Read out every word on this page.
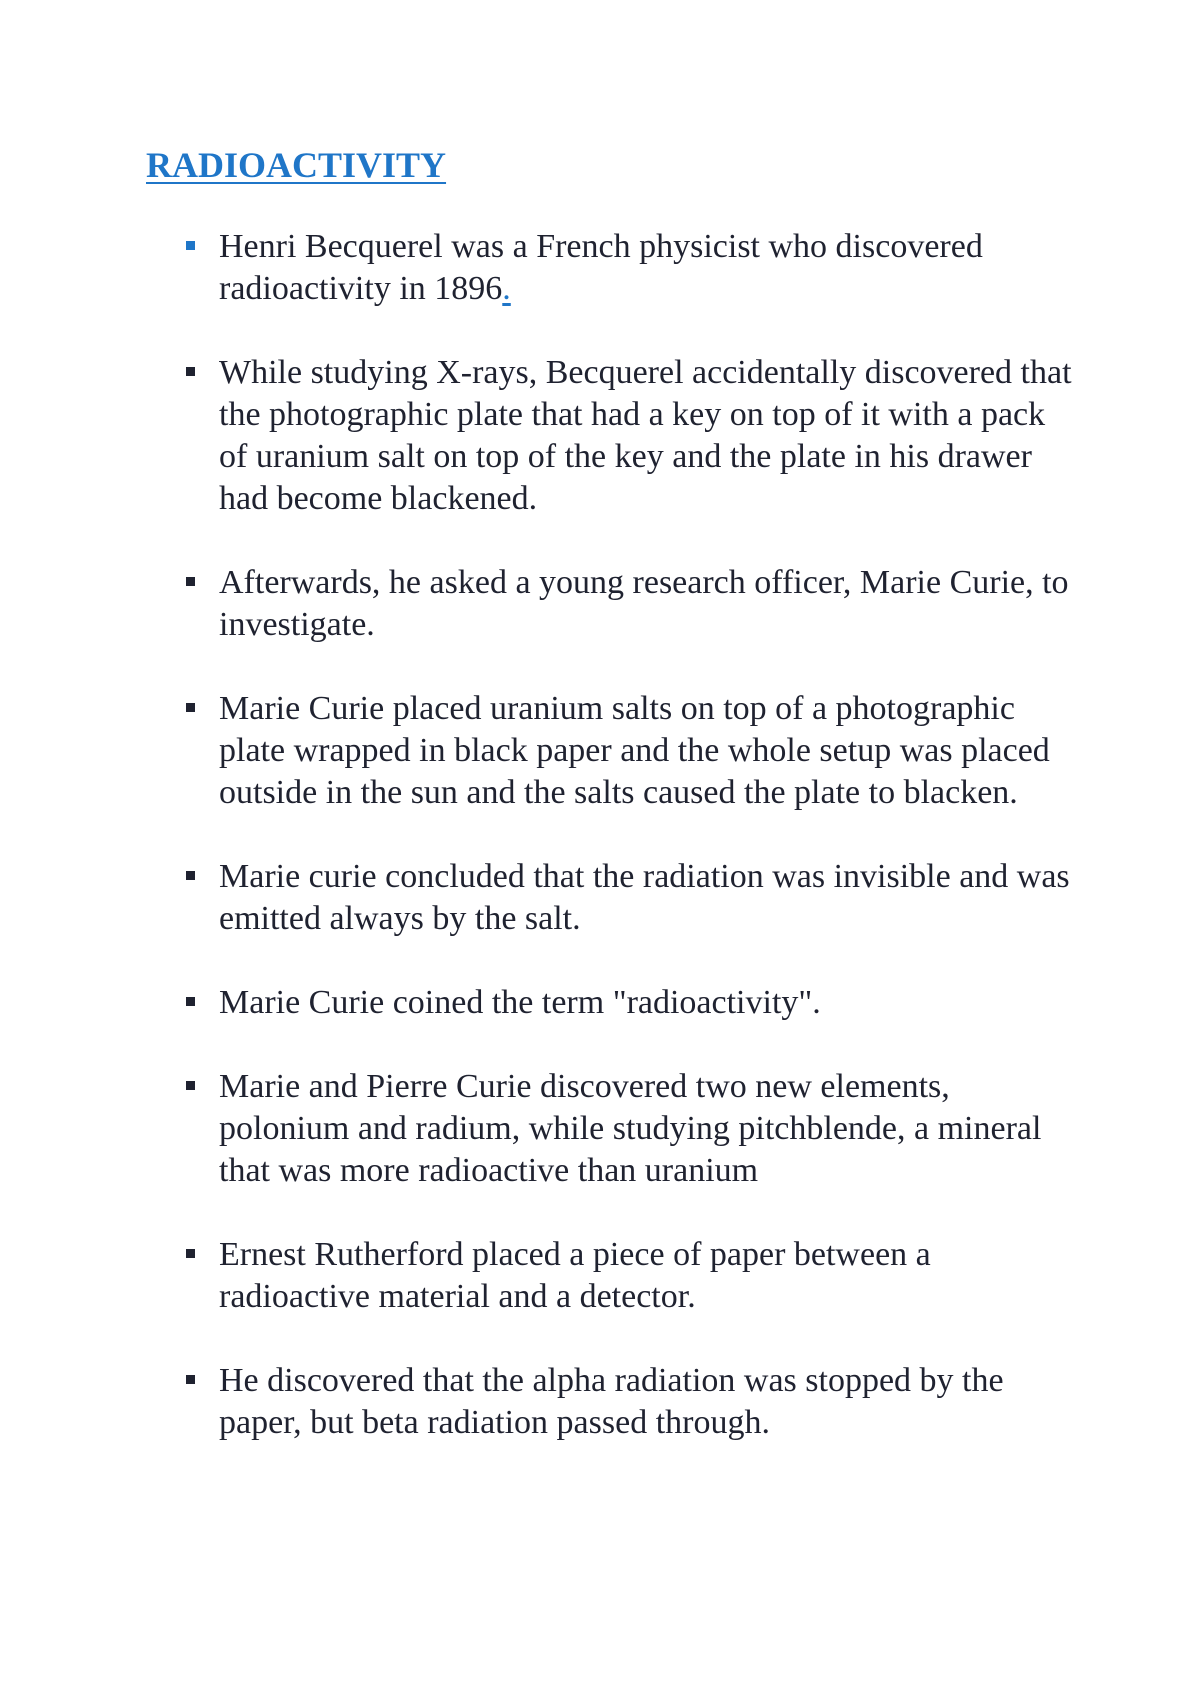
RADIOACTIVITY
Henri Becquerel was a French physicist who discovered radioactivity in 1896.
While studying X-rays, Becquerel accidentally discovered that the photographic plate that had a key on top of it with a pack of uranium salt on top of the key and the plate in his drawer had become blackened.
Afterwards, he asked a young research officer, Marie Curie, to investigate.
Marie Curie placed uranium salts on top of a photographic plate wrapped in black paper and the whole setup was placed outside in the sun and the salts caused the plate to blacken.
Marie curie concluded that the radiation was invisible and was emitted always by the salt.
Marie Curie coined the term "radioactivity".
Marie and Pierre Curie discovered two new elements, polonium and radium, while studying pitchblende, a mineral that was more radioactive than uranium
Ernest Rutherford placed a piece of paper between a radioactive material and a detector.
He discovered that the alpha radiation was stopped by the paper, but beta radiation passed through.
